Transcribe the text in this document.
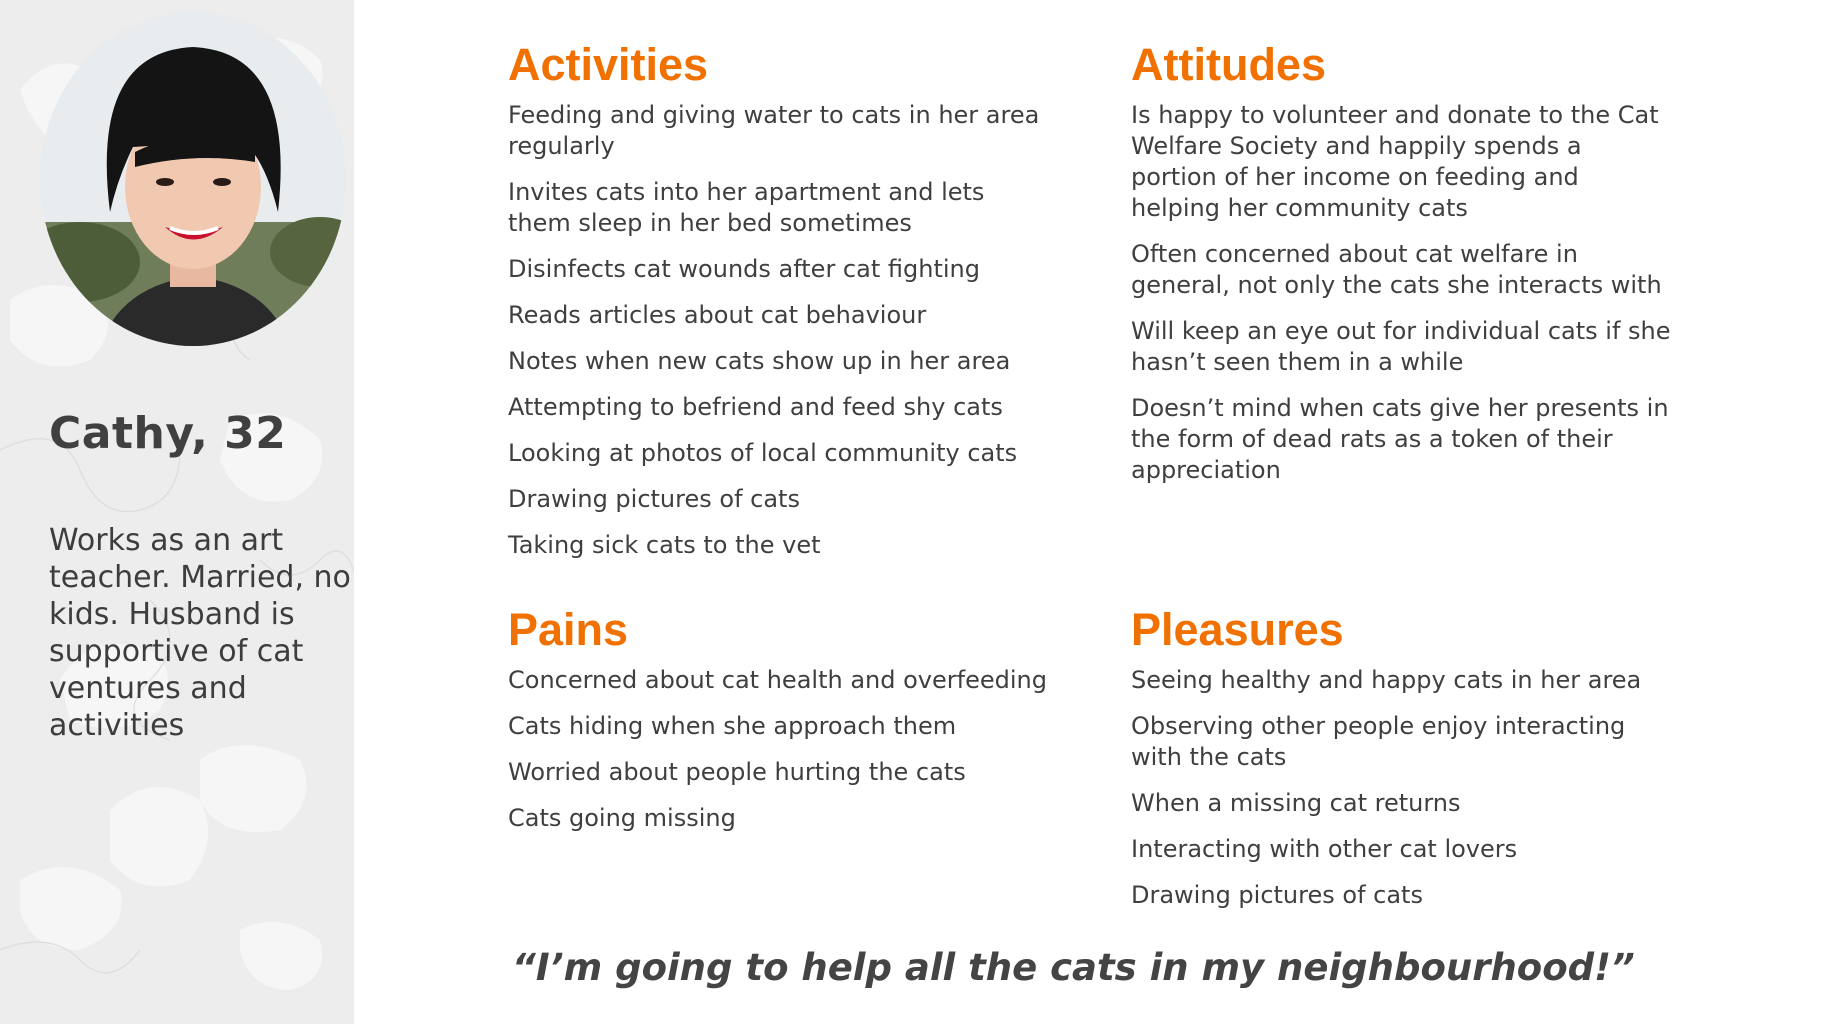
Cathy, 32
Works as an art teacher. Married, no kids. Husband is supportive of cat ventures and activities
Activities
Feeding and giving water to cats in her area regularly
Invites cats into her apartment and lets them sleep in her bed sometimes
Disinfects cat wounds after cat fighting
Reads articles about cat behaviour
Notes when new cats show up in her area
Attempting to befriend and feed shy cats
Looking at photos of local community cats
Drawing pictures of cats
Taking sick cats to the vet
Attitudes
Is happy to volunteer and donate to the Cat Welfare Society and happily spends a portion of her income on feeding and helping her community cats
Often concerned about cat welfare in general, not only the cats she interacts with
Will keep an eye out for individual cats if she hasn’t seen them in a while
Doesn’t mind when cats give her presents in the form of dead rats as a token of their appreciation
Pains
Concerned about cat health and overfeeding
Cats hiding when she approach them
Worried about people hurting the cats
Cats going missing
Pleasures
Seeing healthy and happy cats in her area
Observing other people enjoy interacting with the cats
When a missing cat returns
Interacting with other cat lovers
Drawing pictures of cats
“I’m going to help all the cats in my neighbourhood!”
